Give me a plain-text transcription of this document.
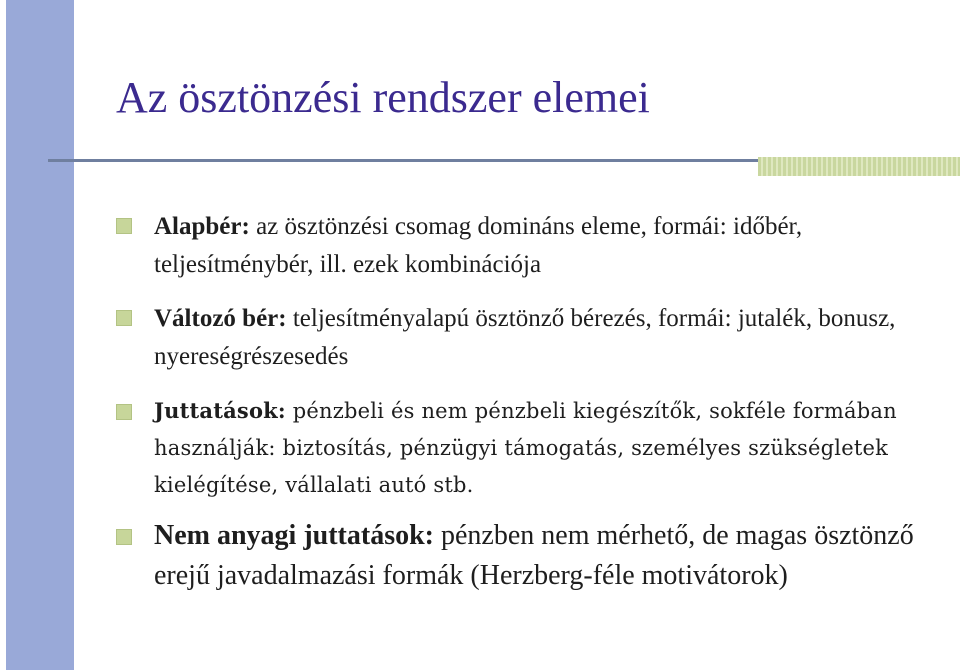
Az ösztönzési rendszer elemei
Alapbér: az ösztönzési csomag domináns eleme, formái: időbér, teljesítménybér, ill. ezek kombinációja
Változó bér: teljesítményalapú ösztönző bérezés, formái: jutalék, bonusz, nyereségrészesedés
Juttatások: pénzbeli és nem pénzbeli kiegészítők, sokféle formában használják: biztosítás, pénzügyi támogatás, személyes szükségletek kielégítése, vállalati autó stb.
Nem anyagi juttatások: pénzben nem mérhető, de magas ösztönző erejű javadalmazási formák (Herzberg-féle motivátorok)
